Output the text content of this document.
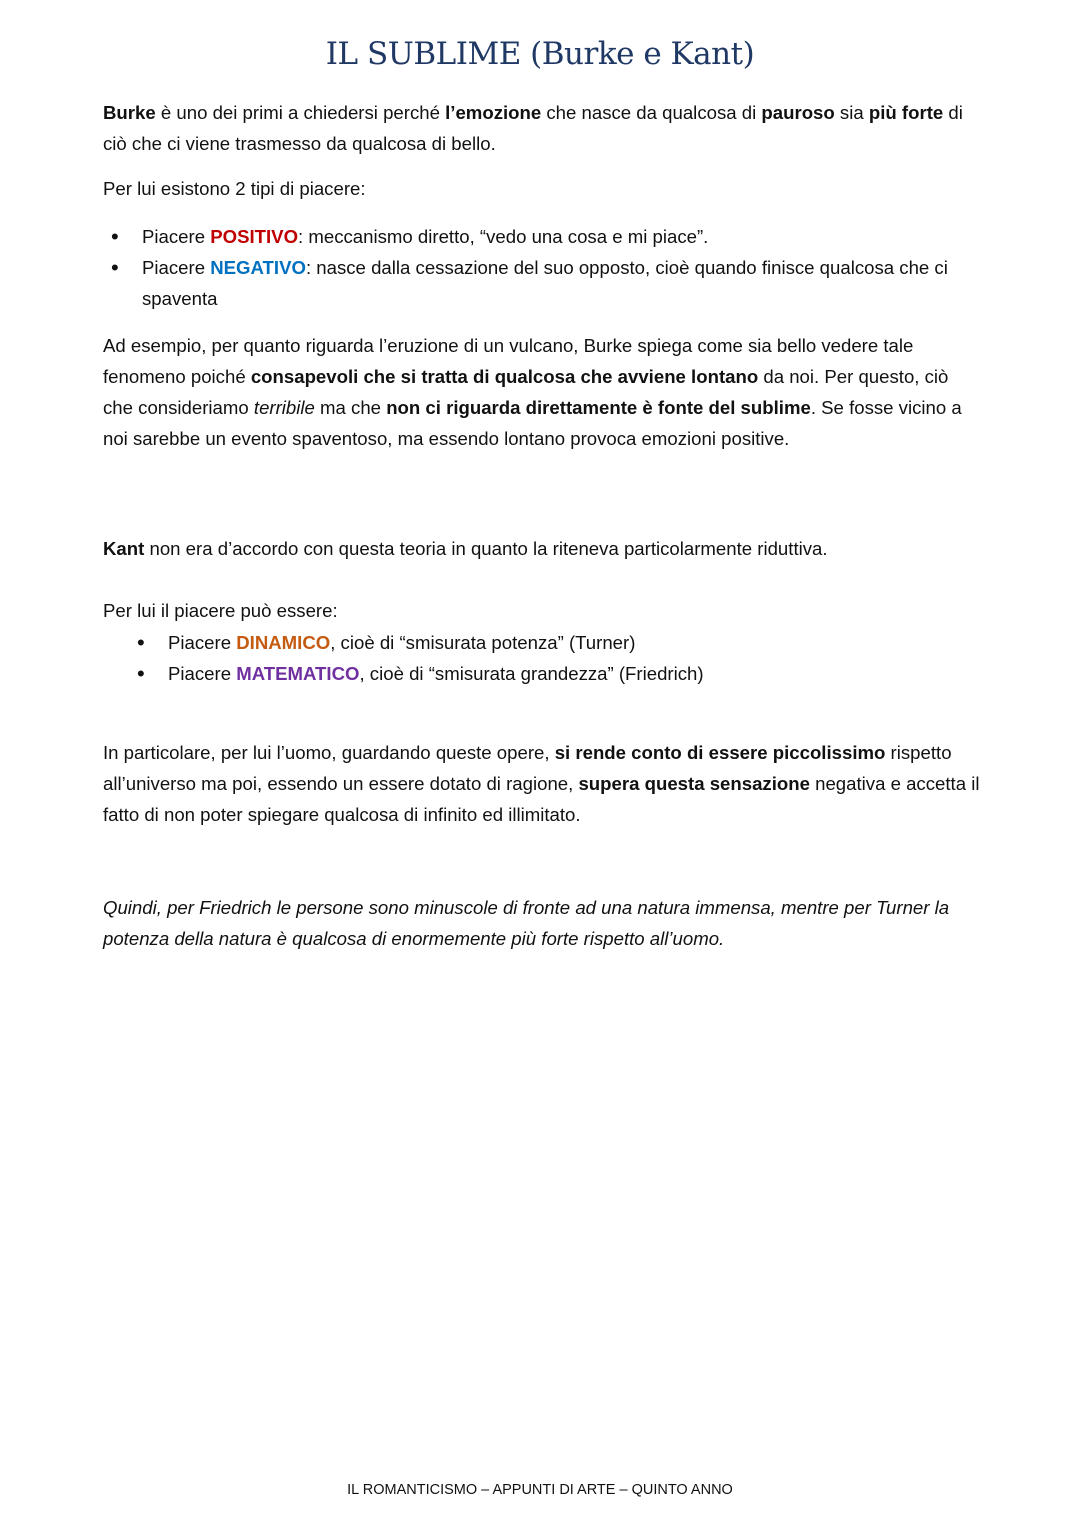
IL SUBLIME (Burke e Kant)

Burke è uno dei primi a chiedersi perché l’emozione che nasce da qualcosa di pauroso sia più forte di ciò che ci viene trasmesso da qualcosa di bello.

Per lui esistono 2 tipi di piacere:

• Piacere POSITIVO: meccanismo diretto, “vedo una cosa e mi piace”.
• Piacere NEGATIVO: nasce dalla cessazione del suo opposto, cioè quando finisce qualcosa che ci spaventa

Ad esempio, per quanto riguarda l’eruzione di un vulcano, Burke spiega come sia bello vedere tale fenomeno poiché consapevoli che si tratta di qualcosa che avviene lontano da noi. Per questo, ciò che consideriamo terribile ma che non ci riguarda direttamente è fonte del sublime. Se fosse vicino a noi sarebbe un evento spaventoso, ma essendo lontano provoca emozioni positive.

Kant non era d’accordo con questa teoria in quanto la riteneva particolarmente riduttiva.

Per lui il piacere può essere:

• Piacere DINAMICO, cioè di “smisurata potenza” (Turner)
• Piacere MATEMATICO, cioè di “smisurata grandezza” (Friedrich)

In particolare, per lui l’uomo, guardando queste opere, si rende conto di essere piccolissimo rispetto all’universo ma poi, essendo un essere dotato di ragione, supera questa sensazione negativa e accetta il fatto di non poter spiegare qualcosa di infinito ed illimitato.

Quindi, per Friedrich le persone sono minuscole di fronte ad una natura immensa, mentre per Turner la potenza della natura è qualcosa di enormemente più forte rispetto all’uomo.

IL ROMANTICISMO – APPUNTI DI ARTE – QUINTO ANNO
